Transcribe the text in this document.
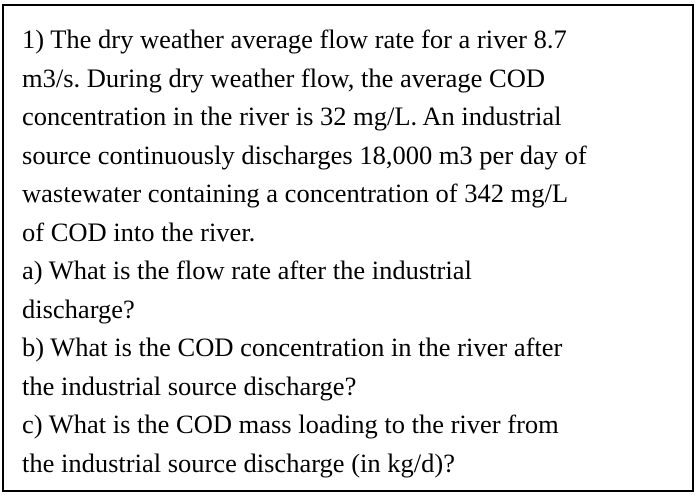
1) The dry weather average flow rate for a river 8.7
m3/s. During dry weather flow, the average COD
concentration in the river is 32 mg/L. An industrial
source continuously discharges 18,000 m3 per day of
wastewater containing a concentration of 342 mg/L
of COD into the river.
a) What is the flow rate after the industrial
discharge?
b) What is the COD concentration in the river after
the industrial source discharge?
c) What is the COD mass loading to the river from
the industrial source discharge (in kg/d)?
